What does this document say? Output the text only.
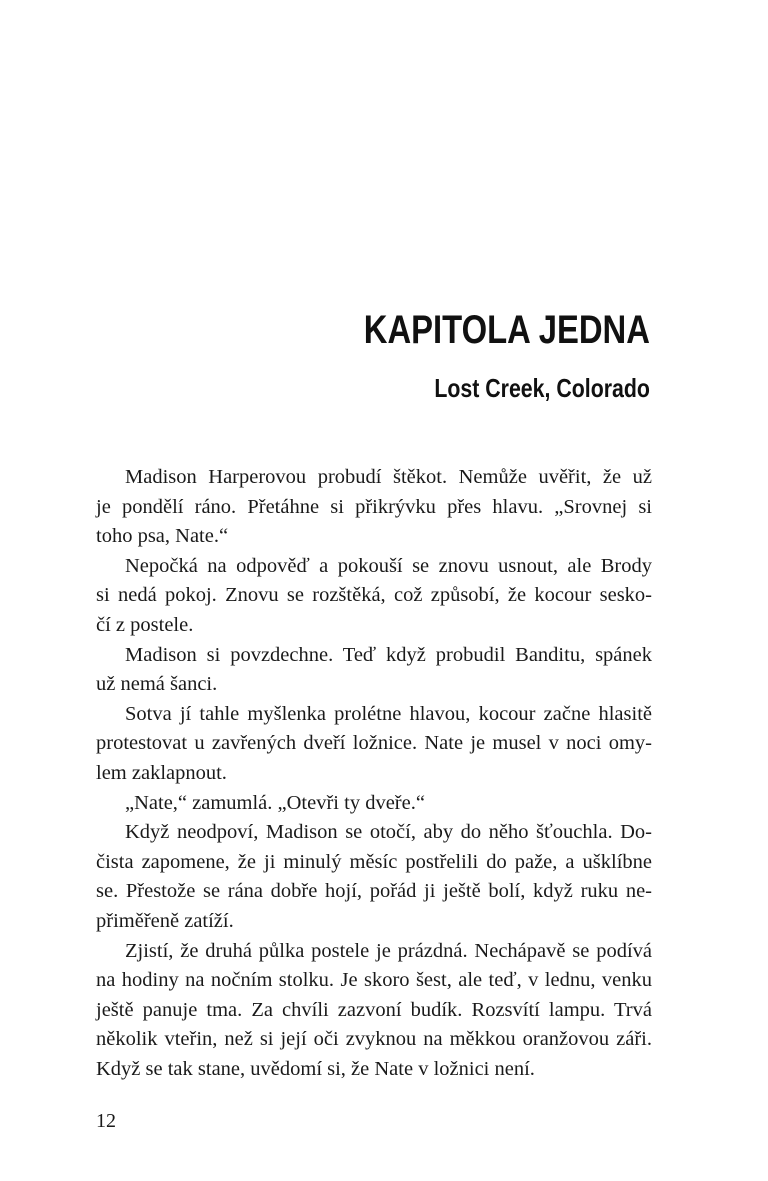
KAPITOLA JEDNA
Lost Creek, Colorado

Madison Harperovou probudí štěkot. Nemůže uvěřit, že už
je pondělí ráno. Přetáhne si přikrývku přes hlavu. „Srovnej si
toho psa, Nate.“

Nepočká na odpověď a pokouší se znovu usnout, ale Brody
si nedá pokoj. Znovu se rozštěká, což způsobí, že kocour sesko-
čí z postele.

Madison si povzdechne. Teď když probudil Banditu, spánek
už nemá šanci.

Sotva jí tahle myšlenka prolétne hlavou, kocour začne hlasitě
protestovat u zavřených dveří ložnice. Nate je musel v noci omy-
lem zaklapnout.

„Nate,“ zamumlá. „Otevři ty dveře.“

Když neodpoví, Madison se otočí, aby do něho šťouchla. Do-
čista zapomene, že ji minulý měsíc postřelili do paže, a ušklíbne
se. Přestože se rána dobře hojí, pořád ji ještě bolí, když ruku ne-
přiměřeně zatíží.

Zjistí, že druhá půlka postele je prázdná. Nechápavě se podívá
na hodiny na nočním stolku. Je skoro šest, ale teď, v lednu, venku
ještě panuje tma. Za chvíli zazvoní budík. Rozsvítí lampu. Trvá
několik vteřin, než si její oči zvyknou na měkkou oranžovou záři.
Když se tak stane, uvědomí si, že Nate v ložnici není.

12
